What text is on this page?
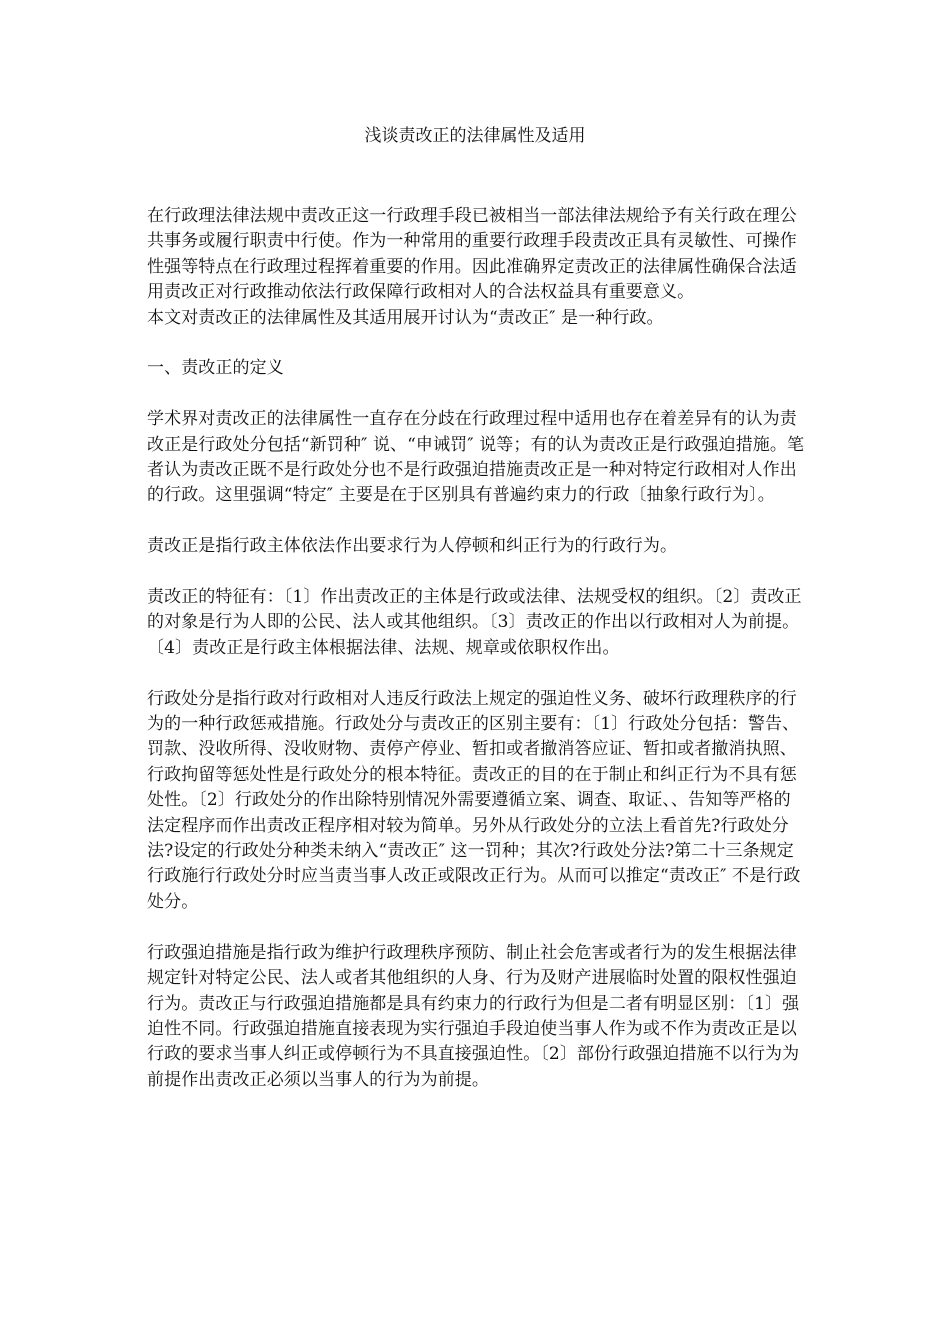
浅谈责改正的法律属性及适用

在行政理法律法规中责改正这一行政理手段已被相当一部法律法规给予有关行政在理公共事务或履行职责中行使。作为一种常用的重要行政理手段责改正具有灵敏性、可操作性强等特点在行政理过程挥着重要的作用。因此准确界定责改正的法律属性确保合法适用责改正对行政推动依法行政保障行政相对人的合法权益具有重要意义。

本文对责改正的法律属性及其适用展开讨认为“责改正″ 是一种行政。

一、责改正的定义

学术界对责改正的法律属性一直存在分歧在行政理过程中适用也存在着差异有的认为责改正是行政处分包括“新罚种″ 说、“申诫罚″ 说等；有的认为责改正是行政强迫措施。笔者认为责改正既不是行政处分也不是行政强迫措施责改正是一种对特定行政相对人作出的行政。这里强调“特定″ 主要是在于区别具有普遍约束力的行政〔抽象行政行为〕。

责改正是指行政主体依法作出要求行为人停顿和纠正行为的行政行为。

责改正的特征有：〔1〕作出责改正的主体是行政或法律、法规受权的组织。〔2〕责改正的对象是行为人即的公民、法人或其他组织。〔3〕责改正的作出以行政相对人为前提。〔4〕责改正是行政主体根据法律、法规、规章或依职权作出。

行政处分是指行政对行政相对人违反行政法上规定的强迫性义务、破坏行政理秩序的行为的一种行政惩戒措施。行政处分与责改正的区别主要有：〔1〕行政处分包括：警告、罚款、没收所得、没收财物、责停产停业、暂扣或者撤消答应证、暂扣或者撤消执照、行政拘留等惩处性是行政处分的根本特征。责改正的目的在于制止和纠正行为不具有惩处性。〔2〕行政处分的作出除特别情况外需要遵循立案、调查、取证、、告知等严格的法定程序而作出责改正程序相对较为简单。另外从行政处分的立法上看首先?行政处分法?设定的行政处分种类未纳入“责改正″ 这一罚种；其次?行政处分法?第二十三条规定行政施行行政处分时应当责当事人改正或限改正行为。从而可以推定“责改正″ 不是行政处分。

行政强迫措施是指行政为维护行政理秩序预防、制止社会危害或者行为的发生根据法律规定针对特定公民、法人或者其他组织的人身、行为及财产进展临时处置的限权性强迫行为。责改正与行政强迫措施都是具有约束力的行政行为但是二者有明显区别：〔1〕强迫性不同。行政强迫措施直接表现为实行强迫手段迫使当事人作为或不作为责改正是以行政的要求当事人纠正或停顿行为不具直接强迫性。〔2〕部份行政强迫措施不以行为为前提作出责改正必须以当事人的行为为前提。
